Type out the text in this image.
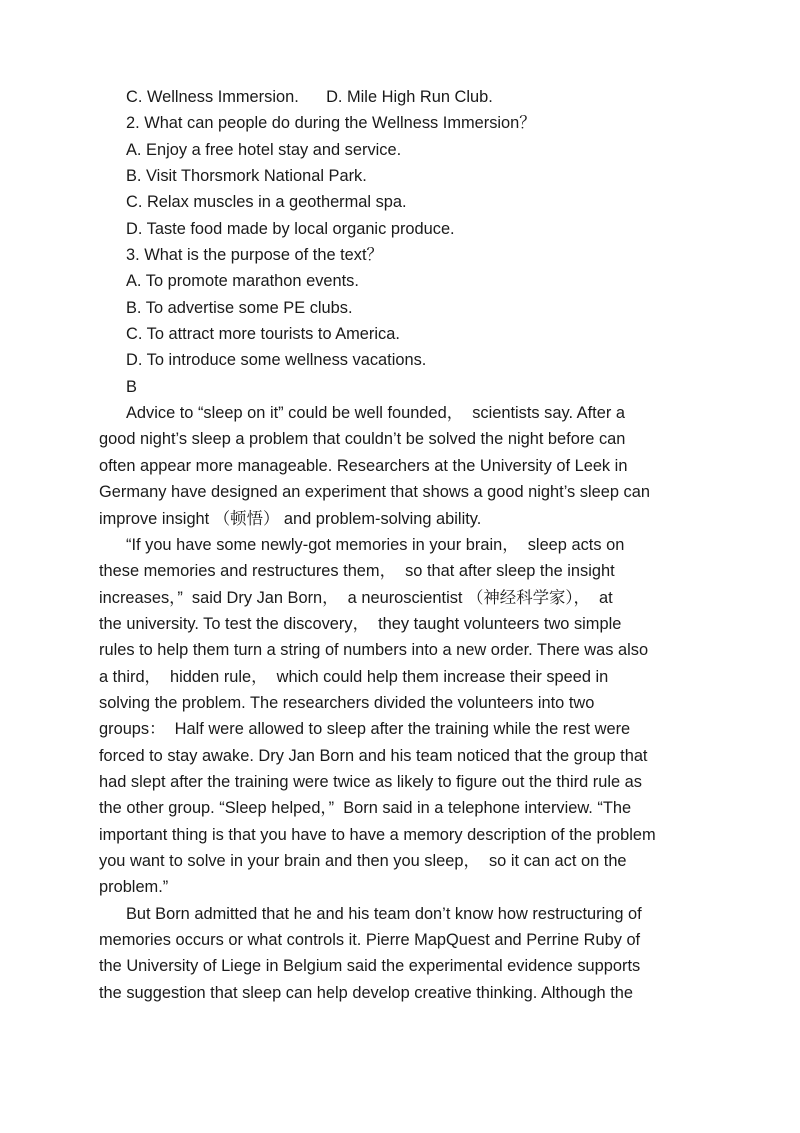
C. Wellness Immersion.      D. Mile High Run Club.
2. What can people do during the Wellness Immersion？
A. Enjoy a free hotel stay and service.
B. Visit Thorsmork National Park.
C. Relax muscles in a geothermal spa.
D. Taste food made by local organic produce.
3. What is the purpose of the text？
A. To promote marathon events.
B. To advertise some PE clubs.
C. To attract more tourists to America.
D. To introduce some wellness vacations.
B
Advice to “sleep on it” could be well founded，  scientists say. After a
good night’s sleep a problem that couldn’t be solved the night before can
often appear more manageable. Researchers at the University of Leek in
Germany have designed an experiment that shows a good night’s sleep can
improve insight （顿悟） and problem-solving ability.
“If you have some newly-got memories in your brain，  sleep acts on
these memories and restructures them，  so that after sleep the insight
increases，”  said Dry Jan Born，  a neuroscientist （神经科学家），  at
the university. To test the discovery，  they taught volunteers two simple
rules to help them turn a string of numbers into a new order. There was also
a third，  hidden rule，  which could help them increase their speed in
solving the problem. The researchers divided the volunteers into two
groups：  Half were allowed to sleep after the training while the rest were
forced to stay awake. Dry Jan Born and his team noticed that the group that
had slept after the training were twice as likely to figure out the third rule as
the other group. “Sleep helped，”  Born said in a telephone interview. “The
important thing is that you have to have a memory description of the problem
you want to solve in your brain and then you sleep，  so it can act on the
problem.”
But Born admitted that he and his team don’t know how restructuring of
memories occurs or what controls it. Pierre MapQuest and Perrine Ruby of
the University of Liege in Belgium said the experimental evidence supports
the suggestion that sleep can help develop creative thinking. Although the
